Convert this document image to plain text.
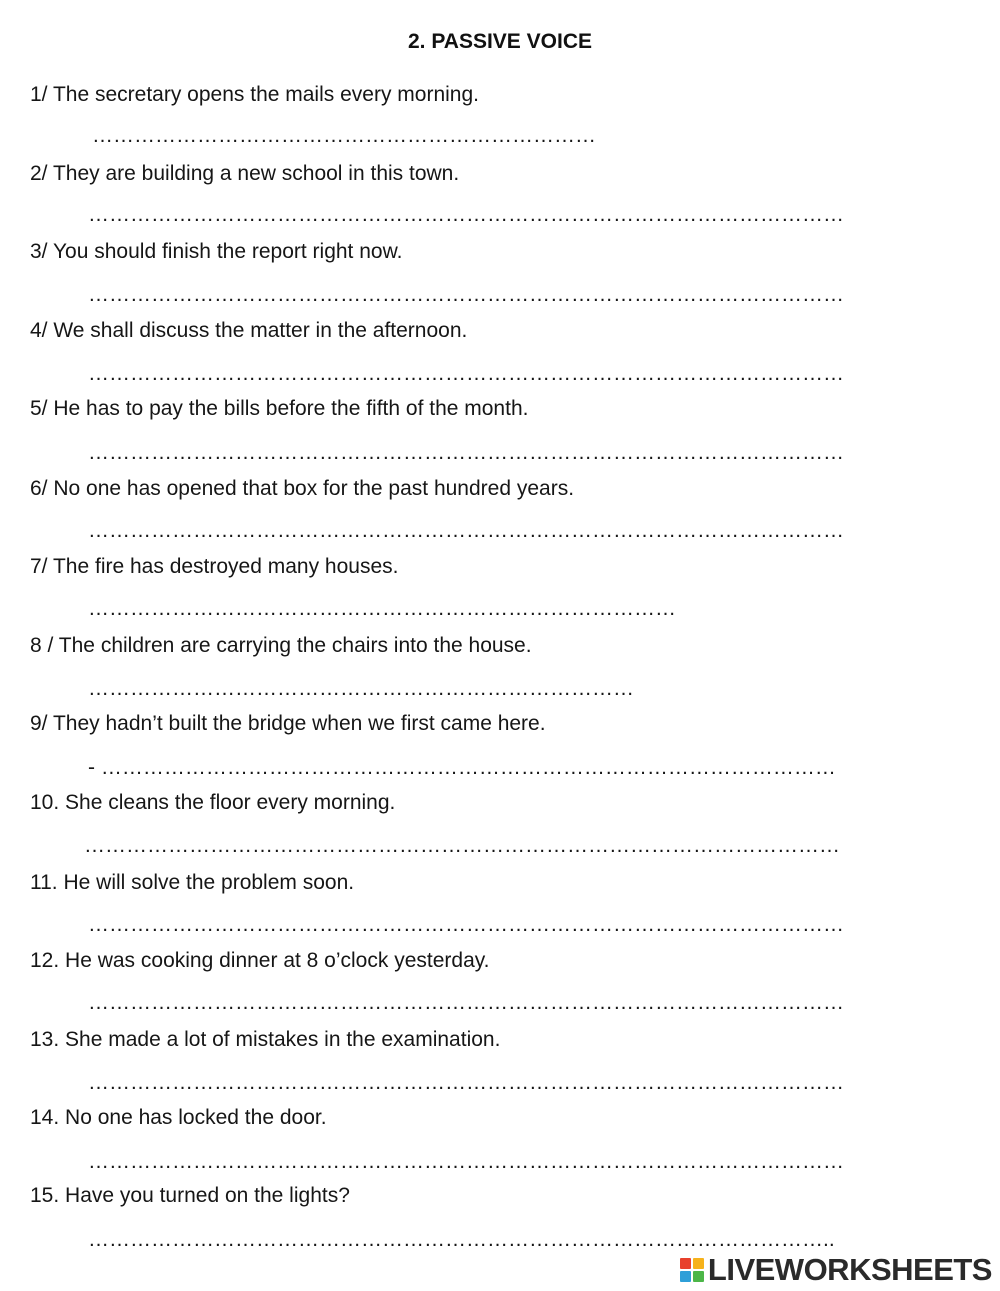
2. PASSIVE VOICE
1/ The secretary opens the mails every morning.
………………………………………………………………
2/ They are building a new school in this town.
………………………………………………………………………………………………
3/ You should finish the report right now.
………………………………………………………………………………………………
4/ We shall discuss the matter in the afternoon.
………………………………………………………………………………………………
5/ He has to pay the bills before the fifth of the month.
………………………………………………………………………………………………
6/ No one has opened that box for the past hundred years.
………………………………………………………………………………………………
7/ The fire has destroyed many houses.
…………………………………………………………………………
8 / The children are carrying the chairs into the house.
……………………………………………………………………
9/ They hadn’t built the bridge when we first came here.
- ……………………………………………………………………………………………
10. She cleans the floor every morning.
………………………………………………………………………………………………
11. He will solve the problem soon.
………………………………………………………………………………………………
12. He was cooking dinner at 8 o’clock yesterday.
………………………………………………………………………………………………
13. She made a lot of mistakes in the examination.
………………………………………………………………………………………………
14. No one has locked the door.
………………………………………………………………………………………………
15. Have you turned on the lights?
……………………………………………………………………………………………..
LIVEWORKSHEETS
